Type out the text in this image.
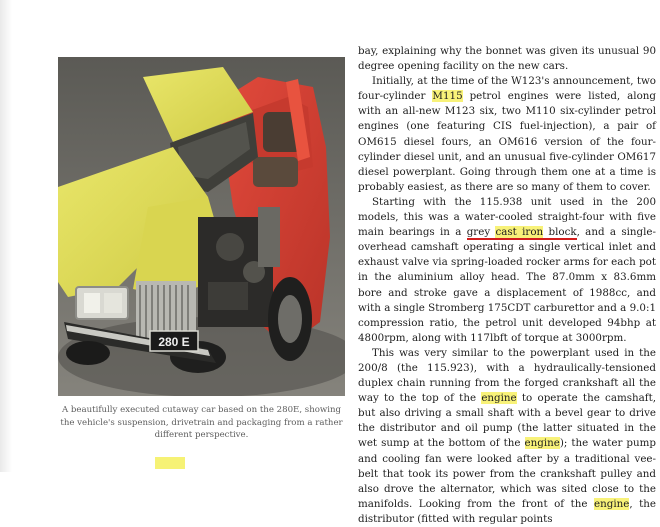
280 E
A beautifully executed cutaway car based on the 280E, showing the vehicle's suspension, drivetrain and packaging from a rather different perspective.

bay, explaining why the bonnet was given its unusual 90 degree opening facility on the new cars.

Initially, at the time of the W123's announcement, two four-cylinder M115 petrol engines were listed, along with an all-new M123 six, two M110 six-cylinder petrol engines (one featuring CIS fuel-injection), a pair of OM615 diesel fours, an OM616 version of the four-cylinder diesel unit, and an unusual five-cylinder OM617 diesel powerplant. Going through them one at a time is probably easiest, as there are so many of them to cover.

Starting with the 115.938 unit used in the 200 models, this was a water-cooled straight-four with five main bearings in a grey cast iron block, and a single-overhead camshaft operating a single vertical inlet and exhaust valve via spring-loaded rocker arms for each pot in the aluminium alloy head. The 87.0mm x 83.6mm bore and stroke gave a displacement of 1988cc, and with a single Stromberg 175CDT carburettor and a 9.0:1 compression ratio, the petrol unit developed 94bhp at 4800rpm, along with 117lbft of torque at 3000rpm.

This was very similar to the powerplant used in the 200/8 (the 115.923), with a hydraulically-tensioned duplex chain running from the forged crankshaft all the way to the top of the engine to operate the camshaft, but also driving a small shaft with a bevel gear to drive the distributor and oil pump (the latter situated in the wet sump at the bottom of the engine); the water pump and cooling fan were looked after by a traditional vee-belt that took its power from the crankshaft pulley and also drove the alternator, which was sited close to the manifolds. Looking from the front of the engine, the distributor (fitted with regular points
